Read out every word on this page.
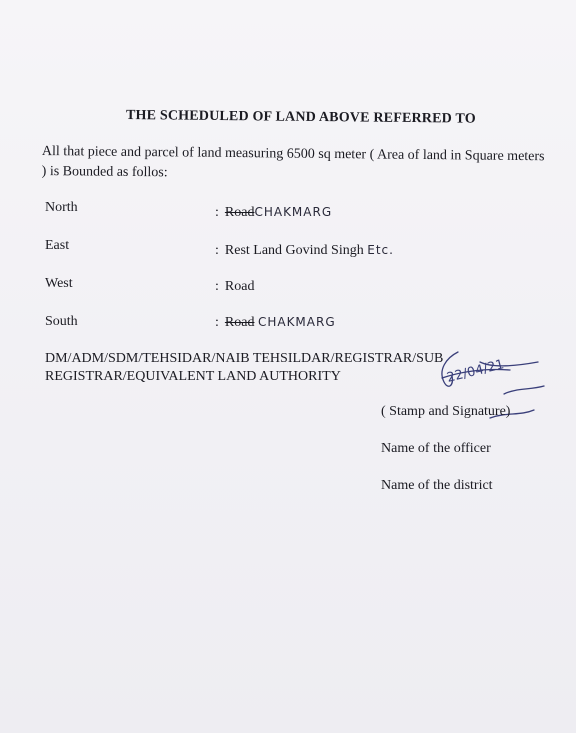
THE SCHEDULED OF LAND ABOVE REFERRED TO
All that piece and parcel of land measuring 6500 sq meter ( Area of land in Square meters ) is Bounded as follos:
North	: RoadCHAKMARG
East	: Rest Land Govind Singh Etc.
West	: Road
South	: Road CHAKMARG
DM/ADM/SDM/TEHSIDAR/NAIB TEHSILDAR/REGISTRAR/SUB REGISTRAR/EQUIVALENT LAND AUTHORITY	22/04/21
( Stamp and Signature)
Name of the officer
Name of the district
